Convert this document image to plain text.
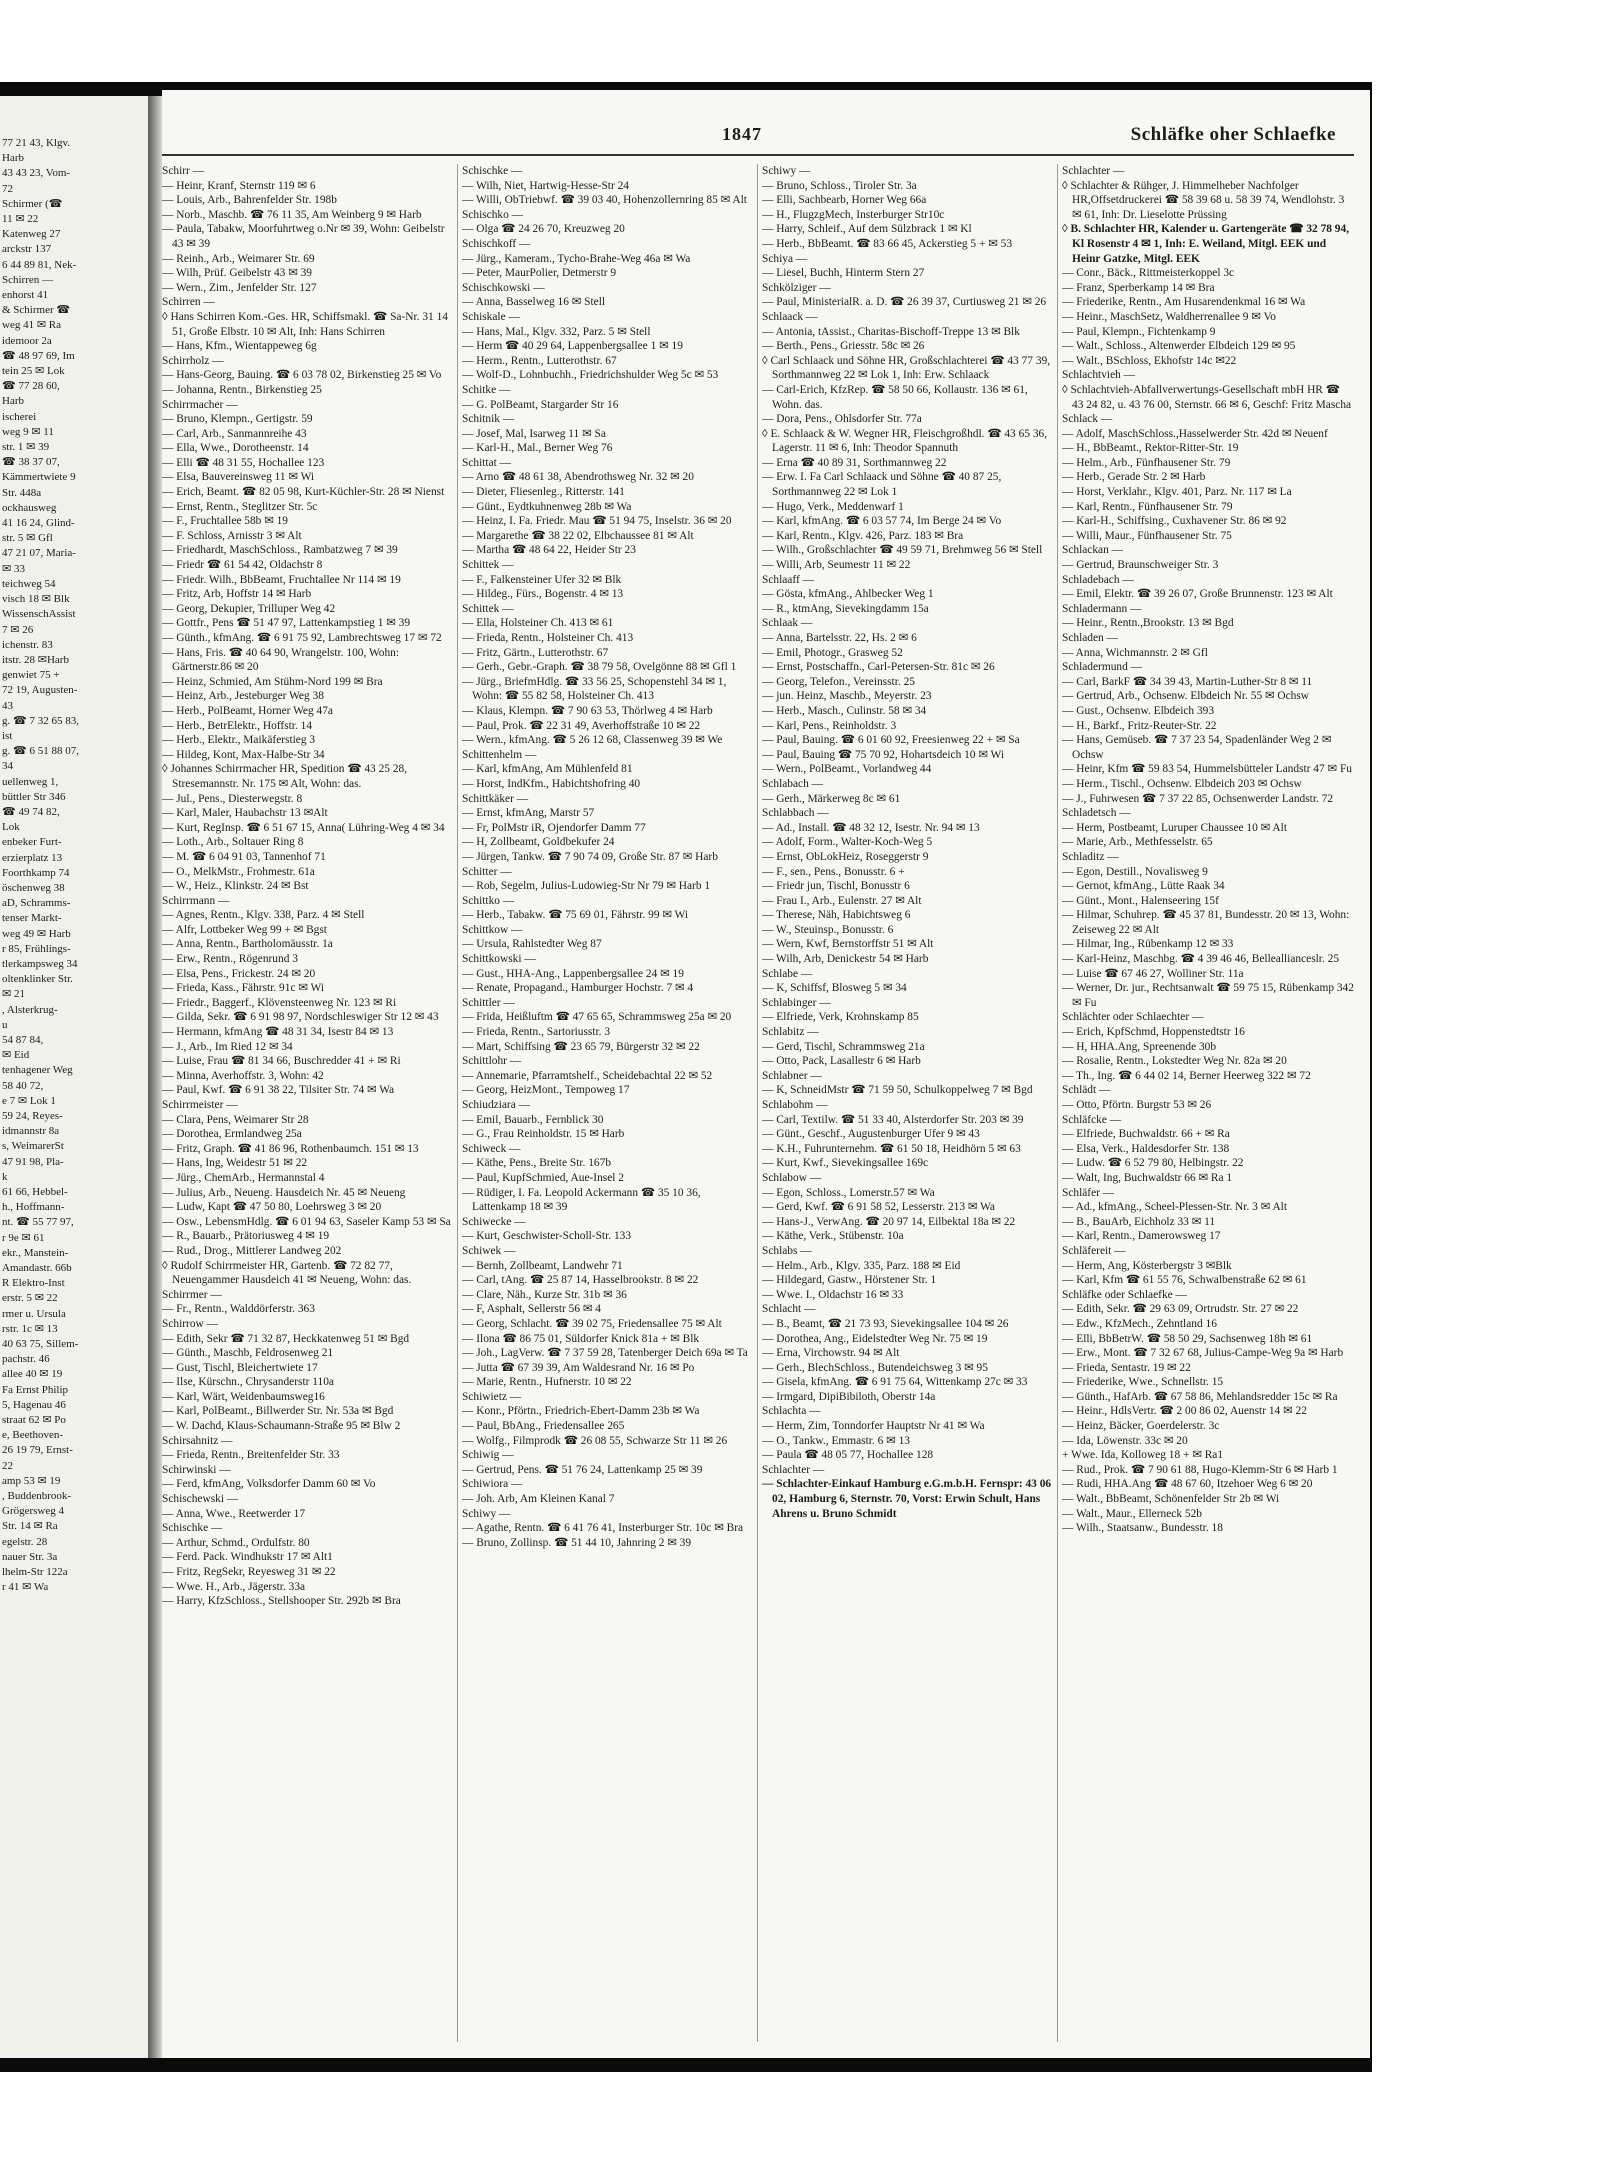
77 21 43, Klgv.

Harb

43 43 23, Vom-

72

Schirmer (☎

11 ✉ 22

Katenweg 27

arckstr 137

6 44 89 81, Nek-

Schirren —

enhorst 41

& Schirmer ☎

weg 41 ✉ Ra

idemoor 2a

☎ 48 97 69, Im

tein 25 ✉ Lok

☎ 77 28 60,

Harb

ischerei

weg 9 ✉ 11

str. 1 ✉ 39

☎ 38 37 07,

Kämmertwiete 9

Str. 448a

ockhausweg

41 16 24, Glind-

str. 5 ✉ Gfl

47 21 07, Maria-

✉ 33

teichweg 54

visch 18 ✉ Blk

WissenschAssist

7 ✉ 26

ichenstr. 83

itstr. 28 ✉Harb

genwiet 75 +

72 19, Augusten-

43

g. ☎ 7 32 65 83,

ist

g. ☎ 6 51 88 07,

34

uellenweg 1,

büttler Str 346

☎ 49 74 82,

Lok

enbeker Furt-

erzierplatz 13

Foorthkamp 74

öschenweg 38

aD, Schramms-

tenser Markt-

weg 49 ✉ Harb

r 85, Frühlings-

tlerkampsweg 34

oltenklinker Str.

✉ 21

, Alsterkrug-

u

54 87 84,

✉ Eid

tenhagener Weg

58 40 72,

e 7 ✉ Lok 1

59 24, Reyes-

idmannstr 8a

s, WeimarerSt

47 91 98, Pla-

k

61 66, Hebbel-

h., Hoffmann-

nt. ☎ 55 77 97,

r 9e ✉ 61

ekr., Manstein-

Amandastr. 66b

R Elektro-Inst

erstr. 5 ✉ 22

rmer u. Ursula

rstr. 1c ✉ 13

40 63 75, Sillem-

pachstr. 46

allee 40 ✉ 19

Fa Ernst Philip

5, Hagenau 46

straat 62 ✉ Po

e, Beethoven-

26 19 79, Ernst-

22

amp 53 ✉ 19

, Buddenbrook-

Grögersweg 4

Str. 14 ✉ Ra

egelstr. 28

nauer Str. 3a

lhelm-Str 122a

r 41 ✉ Wa

1847	Schläfke oher Schlaefke

Schirr —

— Heinr, Kranf, Sternstr 119 ✉ 6

— Louis, Arb., Bahrenfelder Str. 198b

— Norb., Maschb. ☎ 76 11 35, Am Weinberg 9 ✉ Harb

— Paula, Tabakw, Moorfuhrtweg o.Nr ✉ 39, Wohn: Geibelstr 43 ✉ 39

— Reinh., Arb., Weimarer Str. 69

— Wilh, Prüf. Geibelstr 43 ✉ 39

— Wern., Zim., Jenfelder Str. 127

Schirren —

◊ Hans Schirren Kom.-Ges. HR, Schiffsmakl. ☎ Sa-Nr. 31 14 51, Große Elbstr. 10 ✉ Alt, Inh: Hans Schirren

— Hans, Kfm., Wientappeweg 6g

Schirrholz —

— Hans-Georg, Bauing. ☎ 6 03 78 02, Birkenstieg 25 ✉ Vo

— Johanna, Rentn., Birkenstieg 25

Schirrmacher —

— Bruno, Klempn., Gertigstr. 59

— Carl, Arb., Sanmannreihe 43

— Ella, Wwe., Dorotheenstr. 14

— Elli ☎ 48 31 55, Hochallee 123

— Elsa, Bauvereinsweg 11 ✉ Wi

— Erich, Beamt. ☎ 82 05 98, Kurt-Küchler-Str. 28 ✉ Nienst

— Ernst, Rentn., Steglitzer Str. 5c

— F., Fruchtallee 58b ✉ 19

— F. Schloss, Arnisstr 3 ✉ Alt

— Friedhardt, MaschSchloss., Rambatzweg 7 ✉ 39

— Friedr ☎ 61 54 42, Oldachstr 8

— Friedr. Wilh., BbBeamt, Fruchtallee Nr 114 ✉ 19

— Fritz, Arb, Hoffstr 14 ✉ Harb

— Georg, Dekupier, Trilluper Weg 42

— Gottfr., Pens ☎ 51 47 97, Lattenkampstieg 1 ✉ 39

— Günth., kfmAng. ☎ 6 91 75 92, Lambrechtsweg 17 ✉ 72

— Hans, Fris. ☎ 40 64 90, Wrangelstr. 100, Wohn: Gärtnerstr.86 ✉ 20

— Heinz, Schmied, Am Stühm-Nord 199 ✉ Bra

— Heinz, Arb., Jesteburger Weg 38

— Herb., PolBeamt, Horner Weg 47a

— Herb., BetrElektr., Hoffstr. 14

— Herb., Elektr., Maikäferstieg 3

— Hildeg, Kont, Max-Halbe-Str 34

◊ Johannes Schirrmacher HR, Spedition ☎ 43 25 28, Stresemannstr. Nr. 175 ✉ Alt, Wohn: das.

— Jul., Pens., Diesterwegstr. 8

— Karl, Maler, Haubachstr 13 ✉Alt

— Kurt, RegInsp. ☎ 6 51 67 15, Anna( Lühring-Weg 4 ✉ 34

— Loth., Arb., Soltauer Ring 8

— M. ☎ 6 04 91 03, Tannenhof 71

— O., MelkMstr., Frohmestr. 61a

— W., Heiz., Klinkstr. 24 ✉ Bst

Schirrmann —

— Agnes, Rentn., Klgv. 338, Parz. 4 ✉ Stell

— Alfr, Lottbeker Weg 99 + ✉ Bgst

— Anna, Rentn., Bartholomäusstr. 1a

— Erw., Rentn., Rögenrund 3

— Elsa, Pens., Frickestr. 24 ✉ 20

— Frieda, Kass., Fährstr. 91c ✉ Wi

— Friedr., Baggerf., Klövensteenweg Nr. 123 ✉ Ri

— Gilda, Sekr. ☎ 6 91 98 97, Nordschleswiger Str 12 ✉ 43

— Hermann, kfmAng ☎ 48 31 34, Isestr 84 ✉ 13

— J., Arb., Im Ried 12 ✉ 34

— Luise, Frau ☎ 81 34 66, Buschredder 41 + ✉ Ri

— Minna, Averhoffstr. 3, Wohn: 42

— Paul, Kwf. ☎ 6 91 38 22, Tilsiter Str. 74 ✉ Wa

Schirrmeister —

— Clara, Pens, Weimarer Str 28

— Dorothea, Ermlandweg 25a

— Fritz, Graph. ☎ 41 86 96, Rothenbaumch. 151 ✉ 13

— Hans, Ing, Weidestr 51 ✉ 22

— Jürg., ChemArb., Hermannstal 4

— Julius, Arb., Neueng. Hausdeich Nr. 45 ✉ Neueng

— Ludw, Kapt ☎ 47 50 80, Loehrsweg 3 ✉ 20

— Osw., LebensmHdlg. ☎ 6 01 94 63, Saseler Kamp 53 ✉ Sa

— R., Bauarb., Prätoriusweg 4 ✉ 19

— Rud., Drog., Mittlerer Landweg 202

◊ Rudolf Schirrmeister HR, Gartenb. ☎ 72 82 77, Neuengammer Hausdeich 41 ✉ Neueng, Wohn: das.

Schirrmer —

— Fr., Rentn., Walddörferstr. 363

Schirrow —

— Edith, Sekr ☎ 71 32 87, Heckkatenweg 51 ✉ Bgd

— Günth., Maschb, Feldrosenweg 21

— Gust, Tischl, Bleichertwiete 17

— Ilse, Kürschn., Chrysanderstr 110a

— Karl, Wärt, Weidenbaumsweg16

— Karl, PolBeamt., Billwerder Str. Nr. 53a ✉ Bgd

— W. Dachd, Klaus-Schaumann-Straße 95 ✉ Blw 2

Schirsahnitz —

— Frieda, Rentn., Breitenfelder Str. 33

Schirwinski —

— Ferd, kfmAng, Volksdorfer Damm 60 ✉ Vo

Schischewski —

— Anna, Wwe., Reetwerder 17

Schischke —

— Arthur, Schmd., Ordulfstr. 80

— Ferd. Pack. Windhukstr 17 ✉ Alt1

— Fritz, RegSekr, Reyesweg 31 ✉ 22

— Wwe. H., Arb., Jägerstr. 33a

— Harry, KfzSchloss., Stellshooper Str. 292b ✉ Bra

Schischke —

— Wilh, Niet, Hartwig-Hesse-Str 24

— Willi, ObTriebwf. ☎ 39 03 40, Hohenzollernring 85 ✉ Alt

Schischko —

— Olga ☎ 24 26 70, Kreuzweg 20

Schischkoff —

— Jürg., Kameram., Tycho-Brahe-Weg 46a ✉ Wa

— Peter, MaurPolier, Detmerstr 9

Schischkowski —

— Anna, Basselweg 16 ✉ Stell

Schiskale —

— Hans, Mal., Klgv. 332, Parz. 5 ✉ Stell

— Herm ☎ 40 29 64, Lappenbergsallee 1 ✉ 19

— Herm., Rentn., Lutterothstr. 67

— Wolf-D., Lohnbuchh., Friedrichshulder Weg 5c ✉ 53

Schitke —

— G. PolBeamt, Stargarder Str 16

Schitnik —

— Josef, Mal, Isarweg 11 ✉ Sa

— Karl-H., Mal., Berner Weg 76

Schittat —

— Arno ☎ 48 61 38, Abendrothsweg Nr. 32 ✉ 20

— Dieter, Fliesenleg., Ritterstr. 141

— Günt., Eydtkuhnenweg 28b ✉ Wa

— Heinz, I. Fa. Friedr. Mau ☎ 51 94 75, Inselstr. 36 ✉ 20

— Margarethe ☎ 38 22 02, Elbchaussee 81 ✉ Alt

— Martha ☎ 48 64 22, Heider Str 23

Schittek —

— F., Falkensteiner Ufer 32 ✉ Blk

— Hildeg., Fürs., Bogenstr. 4 ✉ 13

Schittek —

— Ella, Holsteiner Ch. 413 ✉ 61

— Frieda, Rentn., Holsteiner Ch. 413

— Fritz, Gärtn., Lutterothstr. 67

— Gerh., Gebr.-Graph. ☎ 38 79 58, Ovelgönne 88 ✉ Gfl 1

— Jürg., BriefmHdlg. ☎ 33 56 25, Schopenstehl 34 ✉ 1, Wohn: ☎ 55 82 58, Holsteiner Ch. 413

— Klaus, Klempn. ☎ 7 90 63 53, Thörlweg 4 ✉ Harb

— Paul, Prok. ☎ 22 31 49, Averhoffstraße 10 ✉ 22

— Wern., kfmAng. ☎ 5 26 12 68, Classenweg 39 ✉ We

Schittenhelm —

— Karl, kfmAng, Am Mühlenfeld 81

— Horst, IndKfm., Habichtshofring 40

Schittkäker —

— Ernst, kfmAng, Marstr 57

— Fr, PolMstr iR, Ojendorfer Damm 77

— H, Zollbeamt, Goldbekufer 24

— Jürgen, Tankw. ☎ 7 90 74 09, Große Str. 87 ✉ Harb

Schitter —

— Rob, Segelm, Julius-Ludowieg-Str Nr 79 ✉ Harb 1

Schittko —

— Herb., Tabakw. ☎ 75 69 01, Fährstr. 99 ✉ Wi

Schittkow —

— Ursula, Rahlstedter Weg 87

Schittkowski —

— Gust., HHA-Ang., Lappenbergsallee 24 ✉ 19

— Renate, Propagand., Hamburger Hochstr. 7 ✉ 4

Schittler —

— Frida, Heißluftm ☎ 47 65 65, Schrammsweg 25a ✉ 20

— Frieda, Rentn., Sartoriusstr. 3

— Mart, Schiffsing ☎ 23 65 79, Bürgerstr 32 ✉ 22

Schittlohr —

— Annemarie, Pfarramtshelf., Scheidebachtal 22 ✉ 52

— Georg, HeizMont., Tempoweg 17

Schiudziara —

— Emil, Bauarb., Fernblick 30

— G., Frau Reinholdstr. 15 ✉ Harb

Schiweck —

— Käthe, Pens., Breite Str. 167b

— Paul, KupfSchmied, Aue-Insel 2

— Rüdiger, I. Fa. Leopold Ackermann ☎ 35 10 36, Lattenkamp 18 ✉ 39

Schiwecke —

— Kurt, Geschwister-Scholl-Str. 133

Schiwek —

— Bernh, Zollbeamt, Landwehr 71

— Carl, tAng. ☎ 25 87 14, Hasselbrookstr. 8 ✉ 22

— Clare, Näh., Kurze Str. 31b ✉ 36

— F, Asphalt, Sellerstr 56 ✉ 4

— Georg, Schlacht. ☎ 39 02 75, Friedensallee 75 ✉ Alt

— Ilona ☎ 86 75 01, Süldorfer Knick 81a + ✉ Blk

— Joh., LagVerw. ☎ 7 37 59 28, Tatenberger Deich 69a ✉ Ta

— Jutta ☎ 67 39 39, Am Waldesrand Nr. 16 ✉ Po

— Marie, Rentn., Hufnerstr. 10 ✉ 22

Schiwietz —

— Konr., Pförtn., Friedrich-Ebert-Damm 23b ✉ Wa

— Paul, BbAng., Friedensallee 265

— Wolfg., Filmprodk ☎ 26 08 55, Schwarze Str 11 ✉ 26

Schiwig —

— Gertrud, Pens. ☎ 51 76 24, Lattenkamp 25 ✉ 39

Schiwiora —

— Joh. Arb, Am Kleinen Kanal 7

Schiwy —

— Agathe, Rentn. ☎ 6 41 76 41, Insterburger Str. 10c ✉ Bra

— Bruno, Zollinsp. ☎ 51 44 10, Jahnring 2 ✉ 39

Schiwy —

— Bruno, Schloss., Tiroler Str. 3a

— Elli, Sachbearb, Horner Weg 66a

— H., FlugzgMech, Insterburger Str10c

— Harry, Schleif., Auf dem Sülzbrack 1 ✉ Kl

— Herb., BbBeamt. ☎ 83 66 45, Ackerstieg 5 + ✉ 53

Schiya —

— Liesel, Buchh, Hinterm Stern 27

Schkölziger —

— Paul, MinisterialR. a. D. ☎ 26 39 37, Curtiusweg 21 ✉ 26

Schlaack —

— Antonia, tAssist., Charitas-Bischoff-Treppe 13 ✉ Blk

— Berth., Pens., Griesstr. 58c ✉ 26

◊ Carl Schlaack und Söhne HR, Großschlachterei ☎ 43 77 39, Sorthmannweg 22 ✉ Lok 1, Inh: Erw. Schlaack

— Carl-Erich, KfzRep. ☎ 58 50 66, Kollaustr. 136 ✉ 61, Wohn. das.

— Dora, Pens., Ohlsdorfer Str. 77a

◊ E. Schlaack & W. Wegner HR, Fleischgroßhdl. ☎ 43 65 36, Lagerstr. 11 ✉ 6, Inh: Theodor Spannuth

— Erna ☎ 40 89 31, Sorthmannweg 22

— Erw. I. Fa Carl Schlaack und Söhne ☎ 40 87 25, Sorthmannweg 22 ✉ Lok 1

— Hugo, Verk., Meddenwarf 1

— Karl, kfmAng. ☎ 6 03 57 74, Im Berge 24 ✉ Vo

— Karl, Rentn., Klgv. 426, Parz. 183 ✉ Bra

— Wilh., Großschlachter ☎ 49 59 71, Brehmweg 56 ✉ Stell

— Willi, Arb, Seumestr 11 ✉ 22

Schlaaff —

— Gösta, kfmAng., Ahlbecker Weg 1

— R., ktmAng, Sievekingdamm 15a

Schlaak —

— Anna, Bartelsstr. 22, Hs. 2 ✉ 6

— Emil, Photogr., Grasweg 52

— Ernst, Postschaffn., Carl-Petersen-Str. 81c ✉ 26

— Georg, Telefon., Vereinsstr. 25

— jun. Heinz, Maschb., Meyerstr. 23

— Herb., Masch., Culinstr. 58 ✉ 34

— Karl, Pens., Reinholdstr. 3

— Paul, Bauing. ☎ 6 01 60 92, Freesienweg 22 + ✉ Sa

— Paul, Bauing ☎ 75 70 92, Hohartsdeich 10 ✉ Wi

— Wern., PolBeamt., Vorlandweg 44

Schlabach —

— Gerh., Märkerweg 8c ✉ 61

Schlabbach —

— Ad., Install. ☎ 48 32 12, Isestr. Nr. 94 ✉ 13

— Adolf, Form., Walter-Koch-Weg 5

— Ernst, ObLokHeiz, Roseggerstr 9

— F., sen., Pens., Bonusstr. 6 +

— Friedr jun, Tischl, Bonusstr 6

— Frau I., Arb., Eulenstr. 27 ✉ Alt

— Therese, Näh, Habichtsweg 6

— W., Steuinsp., Bonusstr. 6

— Wern, Kwf, Bernstorffstr 51 ✉ Alt

— Wilh, Arb, Denickestr 54 ✉ Harb

Schlabe —

— K, Schiffsf, Blosweg 5 ✉ 34

Schlabinger —

— Elfriede, Verk, Krohnskamp 85

Schlabitz —

— Gerd, Tischl, Schrammsweg 21a

— Otto, Pack, Lasallestr 6 ✉ Harb

Schlabner —

— K, SchneidMstr ☎ 71 59 50, Schulkoppelweg 7 ✉ Bgd

Schlabohm —

— Carl, Textilw. ☎ 51 33 40, Alsterdorfer Str. 203 ✉ 39

— Günt., Geschf., Augustenburger Ufer 9 ✉ 43

— K.H., Fuhrunternehm. ☎ 61 50 18, Heidhörn 5 ✉ 63

— Kurt, Kwf., Sievekingsallee 169c

Schlabow —

— Egon, Schloss., Lomerstr.57 ✉ Wa

— Gerd, Kwf. ☎ 6 91 58 52, Lesserstr. 213 ✉ Wa

— Hans-J., VerwAng. ☎ 20 97 14, Eilbektal 18a ✉ 22

— Käthe, Verk., Stübenstr. 10a

Schlabs —

— Helm., Arb., Klgv. 335, Parz. 188 ✉ Eid

— Hildegard, Gastw., Hörstener Str. 1

— Wwe. I., Oldachstr 16 ✉ 33

Schlacht —

— B., Beamt, ☎ 21 73 93, Sievekingsallee 104 ✉ 26

— Dorothea, Ang., Eidelstedter Weg Nr. 75 ✉ 19

— Erna, Virchowstr. 94 ✉ Alt

— Gerh., BlechSchloss., Butendeichsweg 3 ✉ 95

— Gisela, kfmAng. ☎ 6 91 75 64, Wittenkamp 27c ✉ 33

— Irmgard, DipiBibiloth, Oberstr 14a

Schlachta —

— Herm, Zim, Tonndorfer Hauptstr Nr 41 ✉ Wa

— O., Tankw., Emmastr. 6 ✉ 13

— Paula ☎ 48 05 77, Hochallee 128

Schlachter —

— Schlachter-Einkauf Hamburg e.G.m.b.H. Fernspr: 43 06 02, Hamburg 6, Sternstr. 70, Vorst: Erwin Schult, Hans Ahrens u. Bruno Schmidt

Schlachter —

◊ Schlachter & Rühger, J. Himmelheber Nachfolger HR,Offsetdruckerei ☎ 58 39 68 u. 58 39 74, Wendlohstr. 3 ✉ 61, Inh: Dr. Lieselotte Prüssing

◊ B. Schlachter HR, Kalender u. Gartengeräte ☎ 32 78 94, Kl Rosenstr 4 ✉ 1, Inh: E. Weiland, Mitgl. EEK und Heinr Gatzke, Mitgl. EEK

— Conr., Bäck., Rittmeisterkoppel 3c

— Franz, Sperberkamp 14 ✉ Bra

— Friederike, Rentn., Am Husarendenkmal 16 ✉ Wa

— Heinr., MaschSetz, Waldherrenallee 9 ✉ Vo

— Paul, Klempn., Fichtenkamp 9

— Walt., Schloss., Altenwerder Elbdeich 129 ✉ 95

— Walt., BSchloss, Ekhofstr 14c ✉22

Schlachtvieh —

◊ Schlachtvieh-Abfallverwertungs-Gesellschaft mbH HR ☎ 43 24 82, u. 43 76 00, Sternstr. 66 ✉ 6, Geschf: Fritz Mascha

Schlack —

— Adolf, MaschSchloss.,Hasselwerder Str. 42d ✉ Neuenf

— H., BbBeamt., Rektor-Ritter-Str. 19

— Helm., Arb., Fünfhausener Str. 79

— Herb., Gerade Str. 2 ✉ Harb

— Horst, Verklahr., Klgv. 401, Parz. Nr. 117 ✉ La

— Karl, Rentn., Fünfhausener Str. 79

— Karl-H., Schiffsing., Cuxhavener Str. 86 ✉ 92

— Willi, Maur., Fünfhausener Str. 75

Schlackan —

— Gertrud, Braunschweiger Str. 3

Schladebach —

— Emil, Elektr. ☎ 39 26 07, Große Brunnenstr. 123 ✉ Alt

Schladermann —

— Heinr., Rentn.,Brookstr. 13 ✉ Bgd

Schladen —

— Anna, Wichmannstr. 2 ✉ Gfl

Schladermund —

— Carl, BarkF ☎ 34 39 43, Martin-Luther-Str 8 ✉ 11

— Gertrud, Arb., Ochsenw. Elbdeich Nr. 55 ✉ Ochsw

— Gust., Ochsenw. Elbdeich 393

— H., Barkf., Fritz-Reuter-Str. 22

— Hans, Gemüseb. ☎ 7 37 23 54, Spadenländer Weg 2 ✉ Ochsw

— Heinr, Kfm ☎ 59 83 54, Hummelsbütteler Landstr 47 ✉ Fu

— Herm., Tischl., Ochsenw. Elbdeich 203 ✉ Ochsw

— J., Fuhrwesen ☎ 7 37 22 85, Ochsenwerder Landstr. 72

Schladetsch —

— Herm, Postbeamt, Luruper Chaussee 10 ✉ Alt

— Marie, Arb., Methfesselstr. 65

Schladitz —

— Egon, Destill., Novalisweg 9

— Gernot, kfmAng., Lütte Raak 34

— Günt., Mont., Halenseering 15f

— Hilmar, Schuhrep. ☎ 45 37 81, Bundesstr. 20 ✉ 13, Wohn: Zeiseweg 22 ✉ Alt

— Hilmar, Ing., Rübenkamp 12 ✉ 33

— Karl-Heinz, Maschbg. ☎ 4 39 46 46, Belleallianceslr. 25

— Luise ☎ 67 46 27, Wolliner Str. 11a

— Werner, Dr. jur., Rechtsanwalt ☎ 59 75 15, Rübenkamp 342 ✉ Fu

Schlächter oder Schlaechter —

— Erich, KpfSchmd, Hoppenstedtstr 16

— H, HHA.Ang, Spreenende 30b

— Rosalie, Rentn., Lokstedter Weg Nr. 82a ✉ 20

— Th., Ing. ☎ 6 44 02 14, Berner Heerweg 322 ✉ 72

Schlädt —

— Otto, Pförtn. Burgstr 53 ✉ 26

Schläfcke —

— Elfriede, Buchwaldstr. 66 + ✉ Ra

— Elsa, Verk., Haldesdorfer Str. 138

— Ludw. ☎ 6 52 79 80, Helbingstr. 22

— Walt, Ing, Buchwaldstr 66 ✉ Ra 1

Schläfer —

— Ad., kfmAng., Scheel-Plessen-Str. Nr. 3 ✉ Alt

— B., BauArb, Eichholz 33 ✉ 11

— Karl, Rentn., Damerowsweg 17

Schläfereit —

— Herm, Ang, Kösterbergstr 3 ✉Blk

— Karl, Kfm ☎ 61 55 76, Schwalbenstraße 62 ✉ 61

Schläfke oder Schlaefke —

— Edith, Sekr. ☎ 29 63 09, Ortrudstr. Str. 27 ✉ 22

— Edw., KfzMech., Zehntland 16

— Elli, BbBetrW. ☎ 58 50 29, Sachsenweg 18h ✉ 61

— Erw., Mont. ☎ 7 32 67 68, Julius-Campe-Weg 9a ✉ Harb

— Frieda, Sentastr. 19 ✉ 22

— Friederike, Wwe., Schnellstr. 15

— Günth., HafArb. ☎ 67 58 86, Mehlandsredder 15c ✉ Ra

— Heinr., HdlsVertr. ☎ 2 00 86 02, Auenstr 14 ✉ 22

— Heinz, Bäcker, Goerdelerstr. 3c

— Ida, Löwenstr. 33c ✉ 20

+ Wwe. Ida, Kolloweg 18 + ✉ Ra1

— Rud., Prok. ☎ 7 90 61 88, Hugo-Klemm-Str 6 ✉ Harb 1

— Rudi, HHA.Ang ☎ 48 67 60, Itzehoer Weg 6 ✉ 20

— Walt., BbBeamt, Schönenfelder Str 2b ✉ Wi

— Walt., Maur., Ellerneck 52b

— Wilh., Staatsanw., Bundesstr. 18
